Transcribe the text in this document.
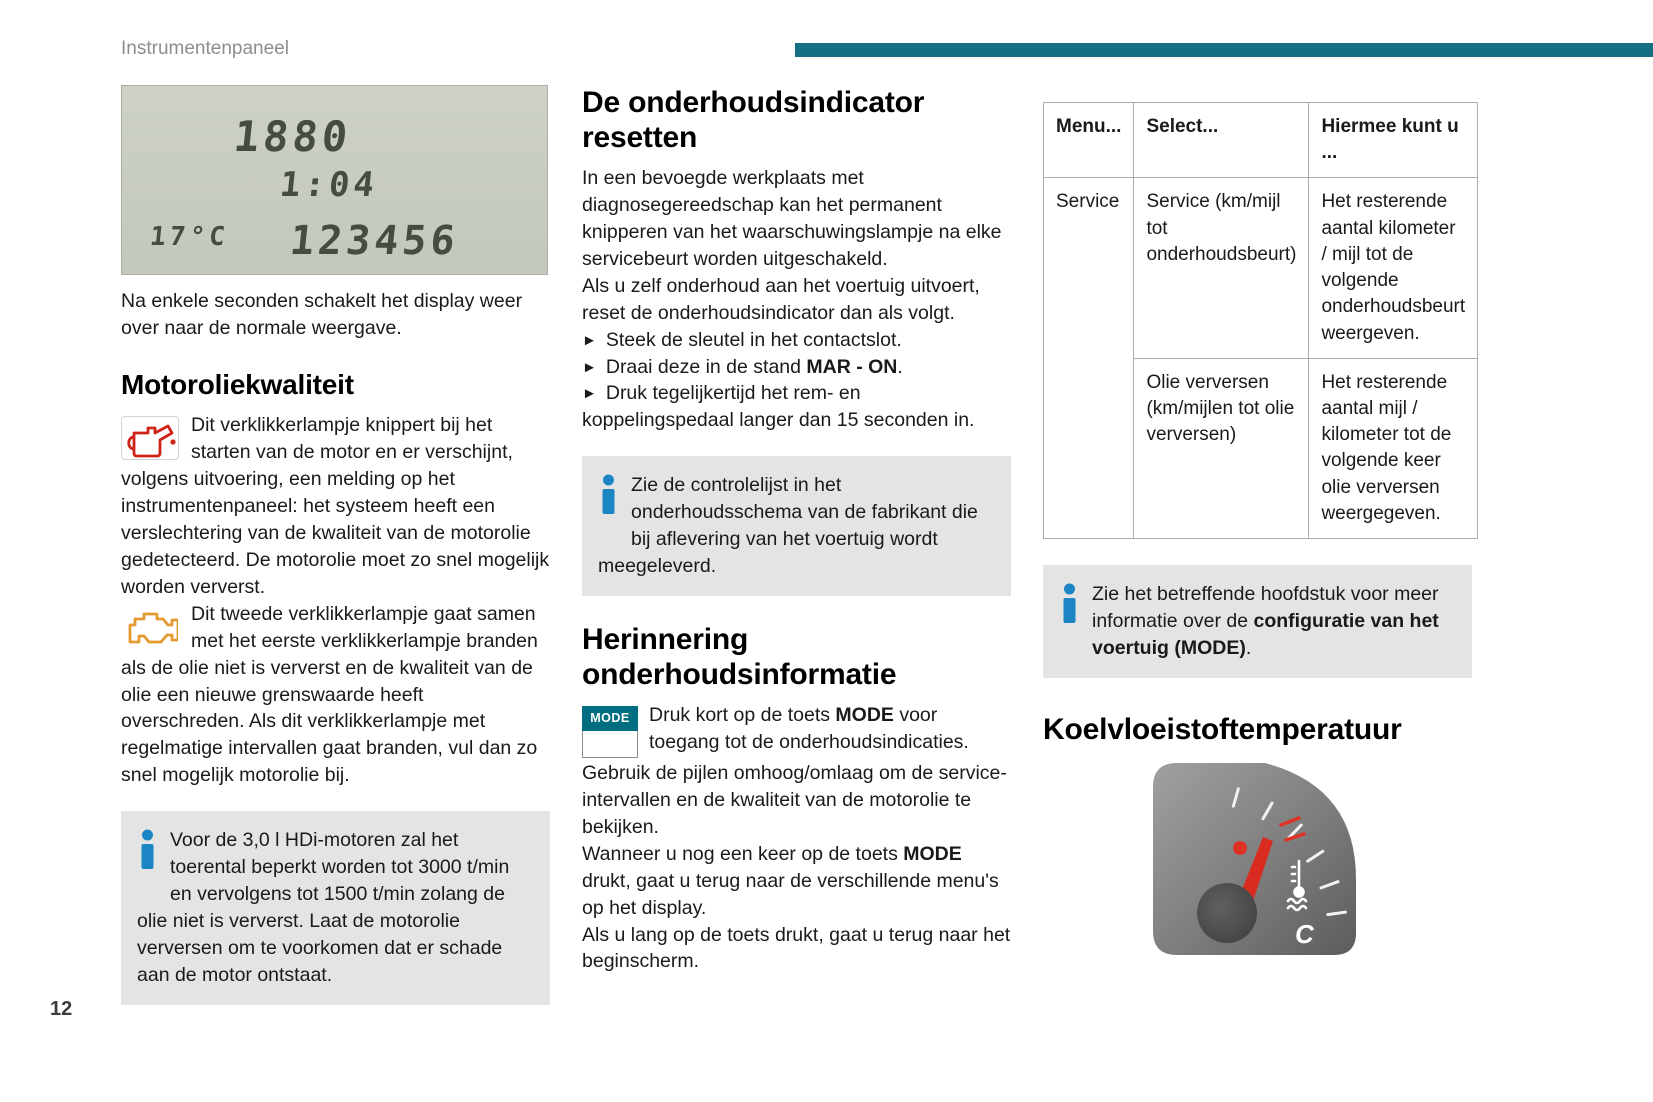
Instrumentenpaneel
12
1880
1:04
17°C 123456

Na enkele seconden schakelt het display weer over naar de normale weergave.

Motoroliekwaliteit

Dit verklikkerlampje knippert bij het starten van de motor en er verschijnt, volgens uitvoering, een melding op het instrumentenpaneel: het systeem heeft een verslechtering van de kwaliteit van de motorolie gedetecteerd. De motorolie moet zo snel mogelijk worden ververst.

Dit tweede verklikkerlampje gaat samen met het eerste verklikkerlampje branden als de olie niet is ververst en de kwaliteit van de olie een nieuwe grenswaarde heeft overschreden. Als dit verklikkerlampje met regelmatige intervallen gaat branden, vul dan zo snel mogelijk motorolie bij.

Voor de 3,0 l HDi-motoren zal het toerental beperkt worden tot 3000 t/min en vervolgens tot 1500 t/min zolang de olie niet is ververst. Laat de motorolie verversen om te voorkomen dat er schade aan de motor ontstaat.

De onderhoudsindicator resetten

In een bevoegde werkplaats met diagnosegereedschap kan het permanent knipperen van het waarschuwingslampje na elke servicebeurt worden uitgeschakeld.

Als u zelf onderhoud aan het voertuig uitvoert, reset de onderhoudsindicator dan als volgt.

► Steek de sleutel in het contactslot.

► Draai deze in de stand MAR - ON.

► Druk tegelijkertijd het rem- en koppelingspedaal langer dan 15 seconden in.

Zie de controlelijst in het onderhoudsschema van de fabrikant die bij aflevering van het voertuig wordt meegeleverd.

Herinnering onderhoudsinformatie
MODE Druk kort op de toets MODE voor toegang tot de onderhoudsindicaties.

Gebruik de pijlen omhoog/omlaag om de service-intervallen en de kwaliteit van de motorolie te bekijken.

Wanneer u nog een keer op de toets MODE drukt, gaat u terug naar de verschillende menu's op het display.

Als u lang op de toets drukt, gaat u terug naar het beginscherm.

Menu...	Select...	Hiermee kunt u ...
Service	Service (km/mijl tot onderhoudsbeurt)	Het resterende aantal kilometer / mijl tot de volgende onderhoudsbeurt weergeven.
	Olie verversen (km/mijlen tot olie verversen)	Het resterende aantal mijl / kilometer tot de volgende keer olie verversen weergegeven.

Zie het betreffende hoofdstuk voor meer informatie over de configuratie van het voertuig (MODE).

Koelvloeistoftemperatuur
C
